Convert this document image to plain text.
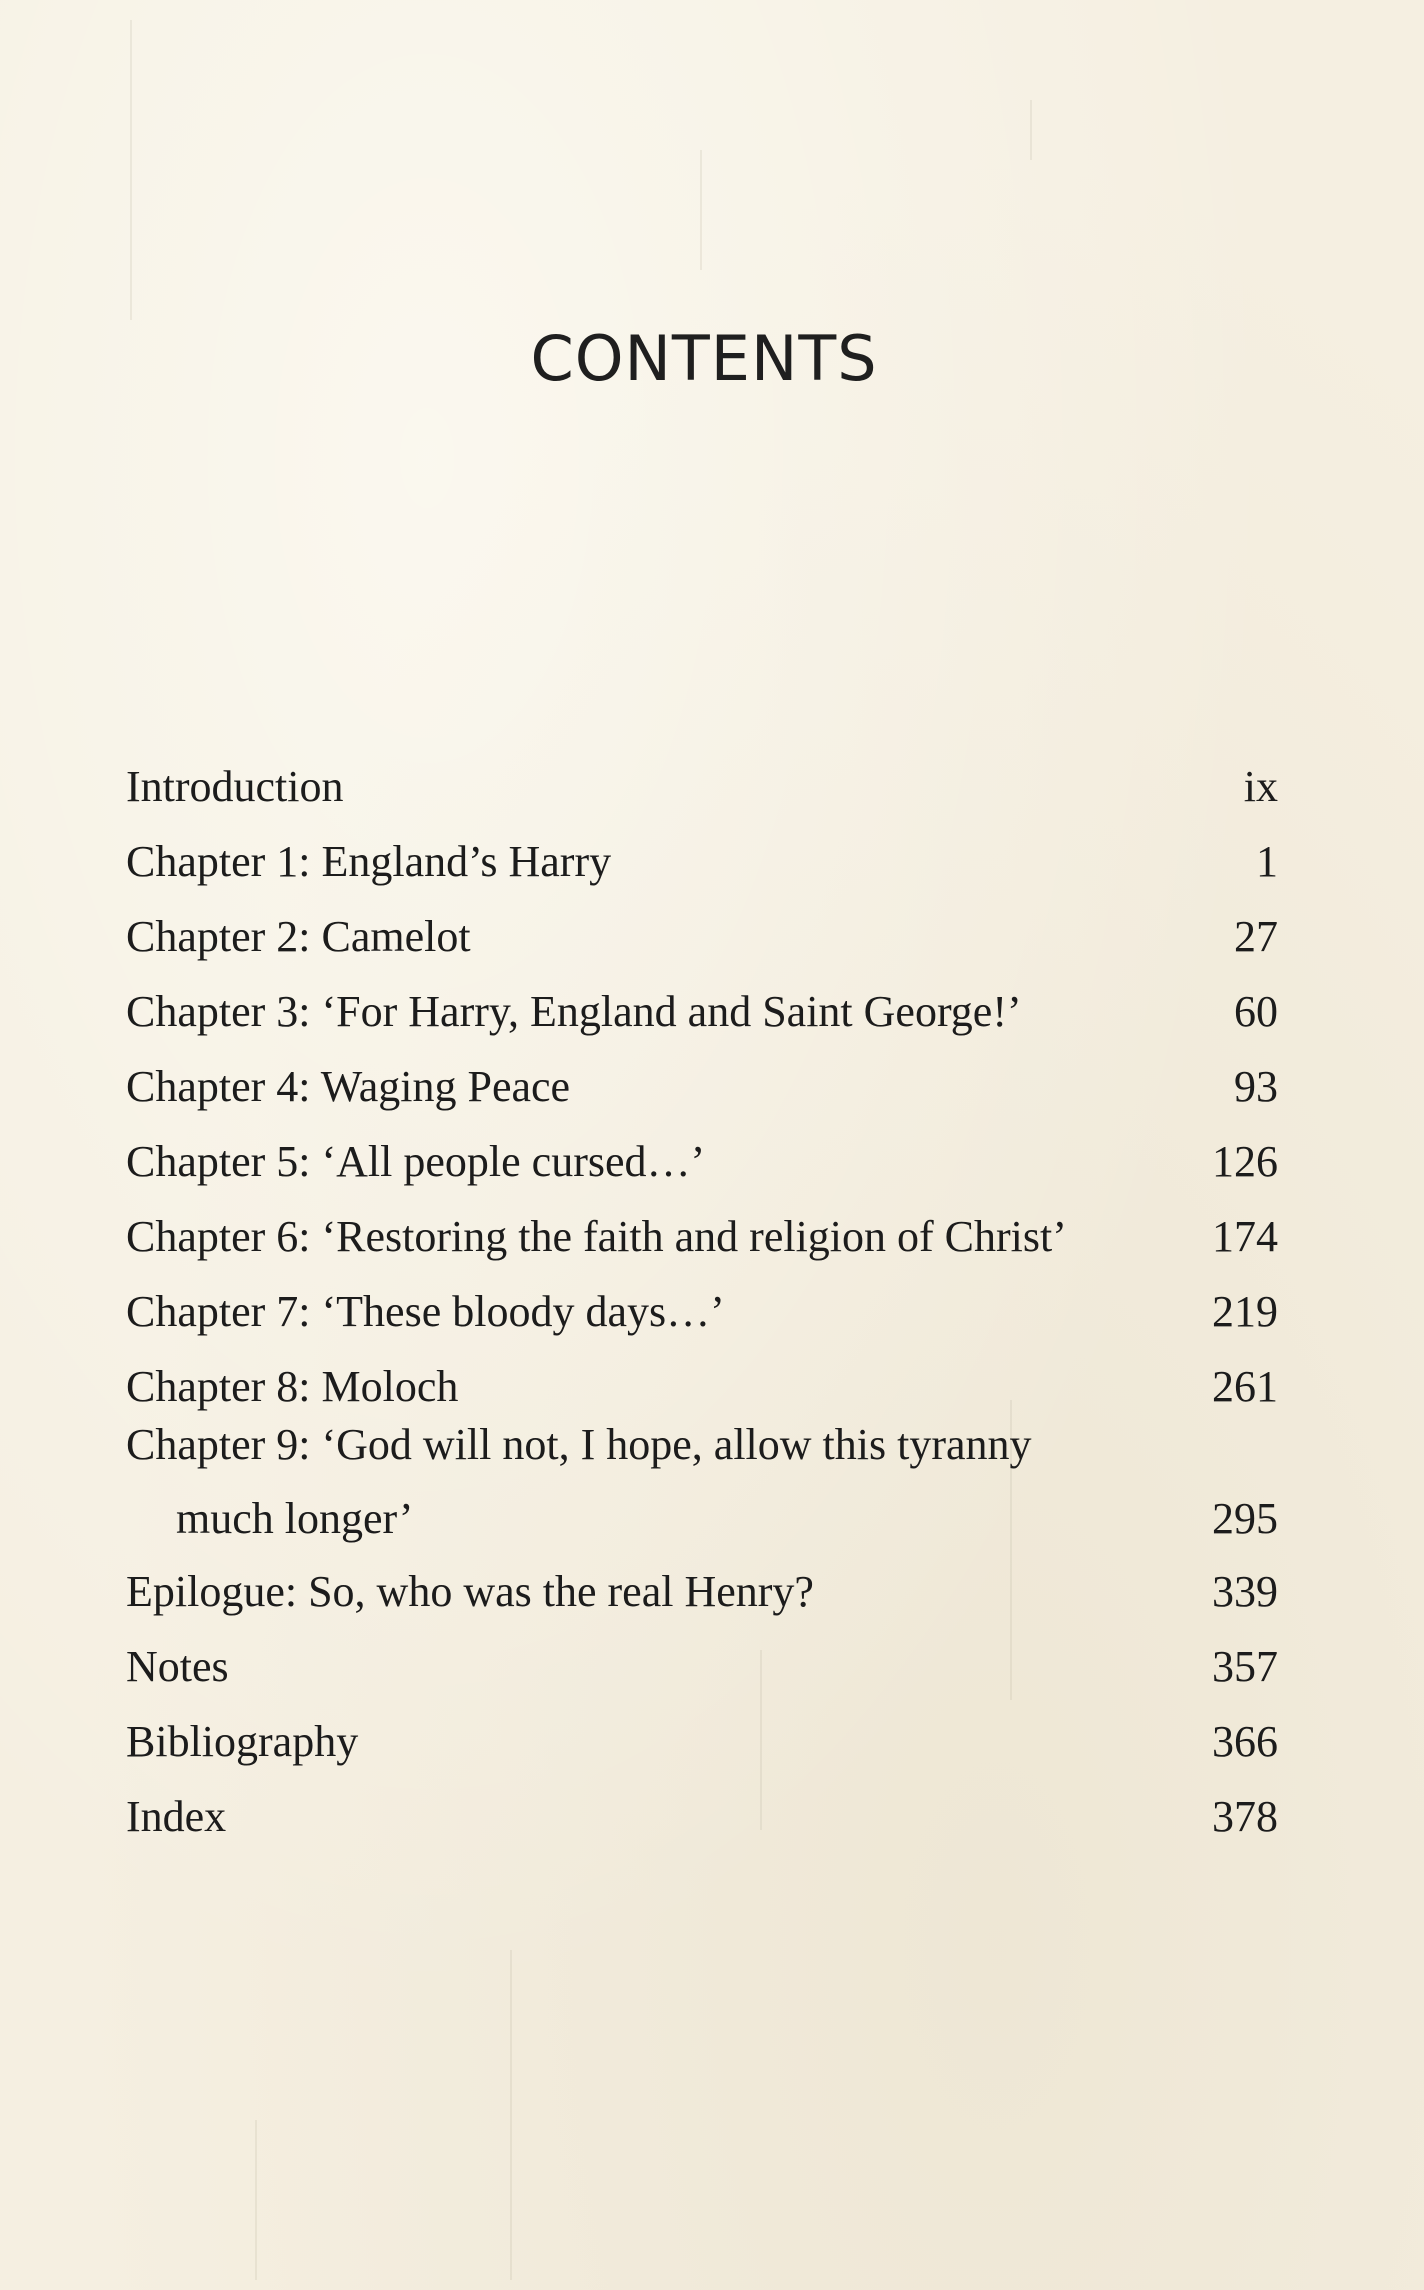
CONTENTS
Introduction	ix
Chapter 1: England’s Harry	1
Chapter 2: Camelot	27
Chapter 3: ‘For Harry, England and Saint George!’	60
Chapter 4: Waging Peace	93
Chapter 5: ‘All people cursed…’	126
Chapter 6: ‘Restoring the faith and religion of Christ’	174
Chapter 7: ‘These bloody days…’	219
Chapter 8: Moloch	261
Chapter 9: ‘God will not, I hope, allow this tyranny
much longer’	295
Epilogue: So, who was the real Henry?	339
Notes	357
Bibliography	366
Index	378
